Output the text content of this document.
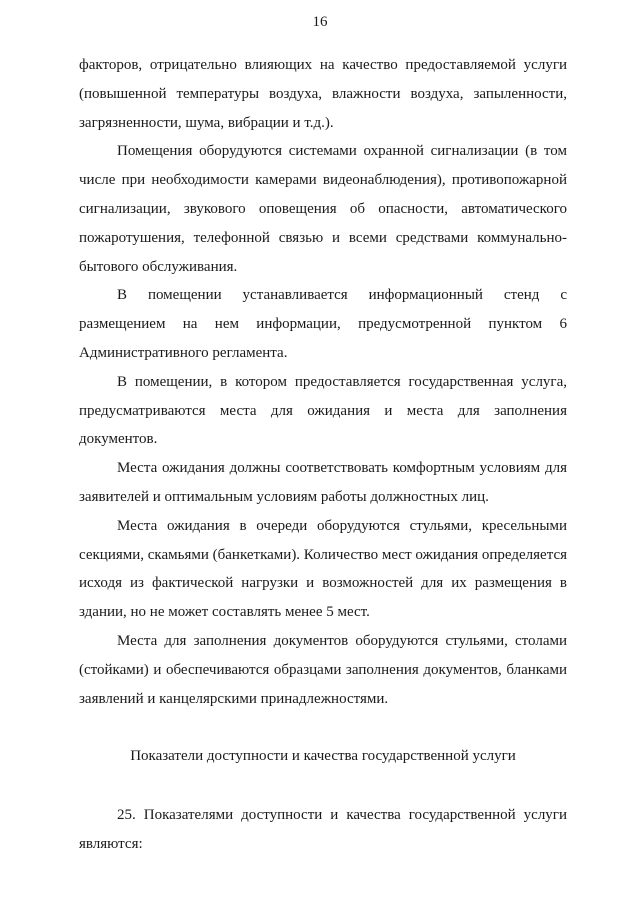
16

факторов, отрицательно влияющих на качество предоставляемой услуги (повышенной температуры воздуха, влажности воздуха, запыленности, загрязненности, шума, вибрации и т.д.).

Помещения оборудуются системами охранной сигнализации (в том числе при необходимости камерами видеонаблюдения), противопожарной сигнализации, звукового оповещения об опасности, автоматического пожаротушения, телефонной связью и всеми средствами коммунально-бытового обслуживания.

В помещении устанавливается информационный стенд с размещением на нем информации, предусмотренной пунктом 6 Административного регламента.

В помещении, в котором предоставляется государственная услуга, предусматриваются места для ожидания и места для заполнения документов.

Места ожидания должны соответствовать комфортным условиям для заявителей и оптимальным условиям работы должностных лиц.

Места ожидания в очереди оборудуются стульями, кресельными секциями, скамьями (банкетками). Количество мест ожидания определяется исходя из фактической нагрузки и возможностей для их размещения в здании, но не может составлять менее 5 мест.

Места для заполнения документов оборудуются стульями, столами (стойками) и обеспечиваются образцами заполнения документов, бланками заявлений и канцелярскими принадлежностями.

Показатели доступности и качества государственной услуги

25. Показателями доступности и качества государственной услуги являются:
